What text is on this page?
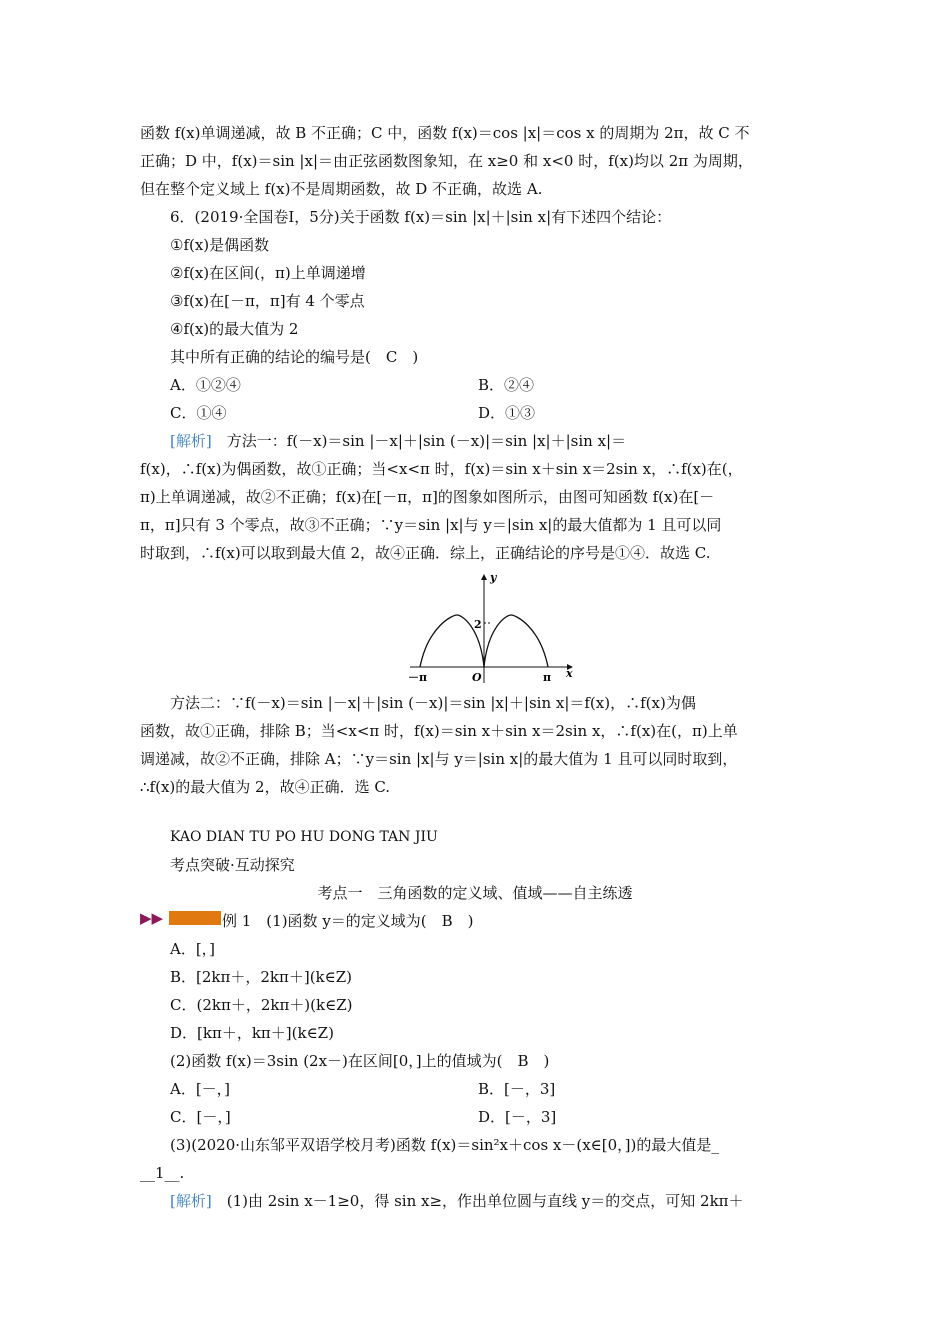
函数 f(x)单调递减，故 B 不正确；C 中，函数 f(x)＝cos |x|＝cos x 的周期为 2π，故 C 不
正确；D 中，f(x)＝sin |x|＝由正弦函数图象知，在 x≥0 和 x<0 时，f(x)均以 2π 为周期，
但在整个定义域上 f(x)不是周期函数，故 D 不正确，故选 A.
6．(2019·全国卷Ⅰ，5分)关于函数 f(x)＝sin |x|＋|sin x|有下述四个结论：
①f(x)是偶函数
②f(x)在区间(，π)上单调递增
③f(x)在[－π，π]有 4 个零点
④f(x)的最大值为 2
其中所有正确的结论的编号是(　C　)
A．①②④	B．②④
C．①④	D．①③
[解析]　方法一：f(－x)＝sin |－x|＋|sin (－x)|＝sin |x|＋|sin x|＝
f(x)，∴f(x)为偶函数，故①正确；当<x<π 时，f(x)＝sin x＋sin x＝2sin x，∴f(x)在(，
π)上单调递减，故②不正确；f(x)在[－π，π]的图象如图所示，由图可知函数 f(x)在[－
π，π]只有 3 个零点，故③不正确；∵y＝sin |x|与 y＝|sin x|的最大值都为 1 且可以同
时取到，∴f(x)可以取到最大值 2，故④正确．综上，正确结论的序号是①④．故选 C.
y
x
O
2
－π	π
方法二：∵f(－x)＝sin |－x|＋|sin (－x)|＝sin |x|＋|sin x|＝f(x)，∴f(x)为偶
函数，故①正确，排除 B；当<x<π 时，f(x)＝sin x＋sin x＝2sin x，∴f(x)在(，π)上单
调递减，故②不正确，排除 A；∵y＝sin |x|与 y＝|sin x|的最大值为 1 且可以同时取到，
∴f(x)的最大值为 2，故④正确．选 C.
KAO DIAN TU PO HU DONG TAN JIU
考点突破·互动探究
考点一　三角函数的定义域、值域——自主练透
▶▶	例 1　(1)函数 y＝的定义域为(　B　)
A．[，]
B．[2kπ＋，2kπ＋](k∈Z)
C．(2kπ＋，2kπ＋)(k∈Z)
D．[kπ＋，kπ＋](k∈Z)
(2)函数 f(x)＝3sin (2x－)在区间[0，]上的值域为(　B　)
A．[－，]	B．[－，3]
C．[－，]	D．[－，3]
(3)(2020·山东邹平双语学校月考)函数 f(x)＝sin²x＋cos x－(x∈[0，])的最大值是_
__1__.
[解析]　(1)由 2sin x－1≥0，得 sin x≥，作出单位圆与直线 y＝的交点，可知 2kπ＋
